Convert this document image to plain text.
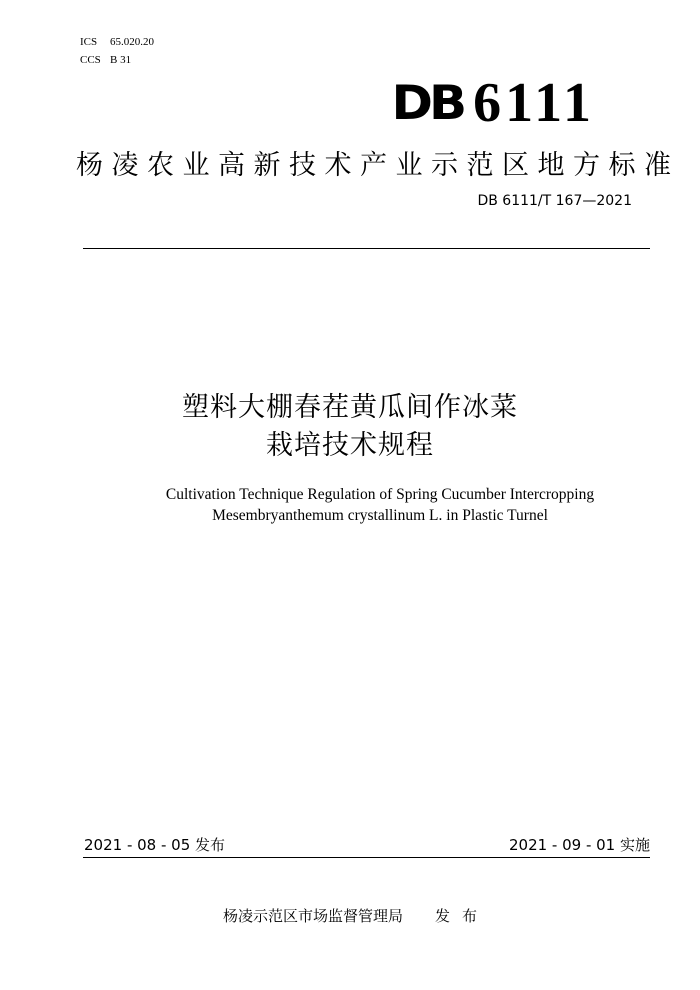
ICS 65.020.20
CCS B 31
DB 6111
杨凌农业高新技术产业示范区地方标准
DB 6111/T 167—2021
塑料大棚春茬黄瓜间作冰菜
栽培技术规程
Cultivation Technique Regulation of Spring Cucumber Intercropping
Mesembryanthemum crystallinum L. in Plastic Turnel
2021 - 08 - 05 发布	2021 - 09 - 01 实施
杨凌示范区市场监督管理局 发布
